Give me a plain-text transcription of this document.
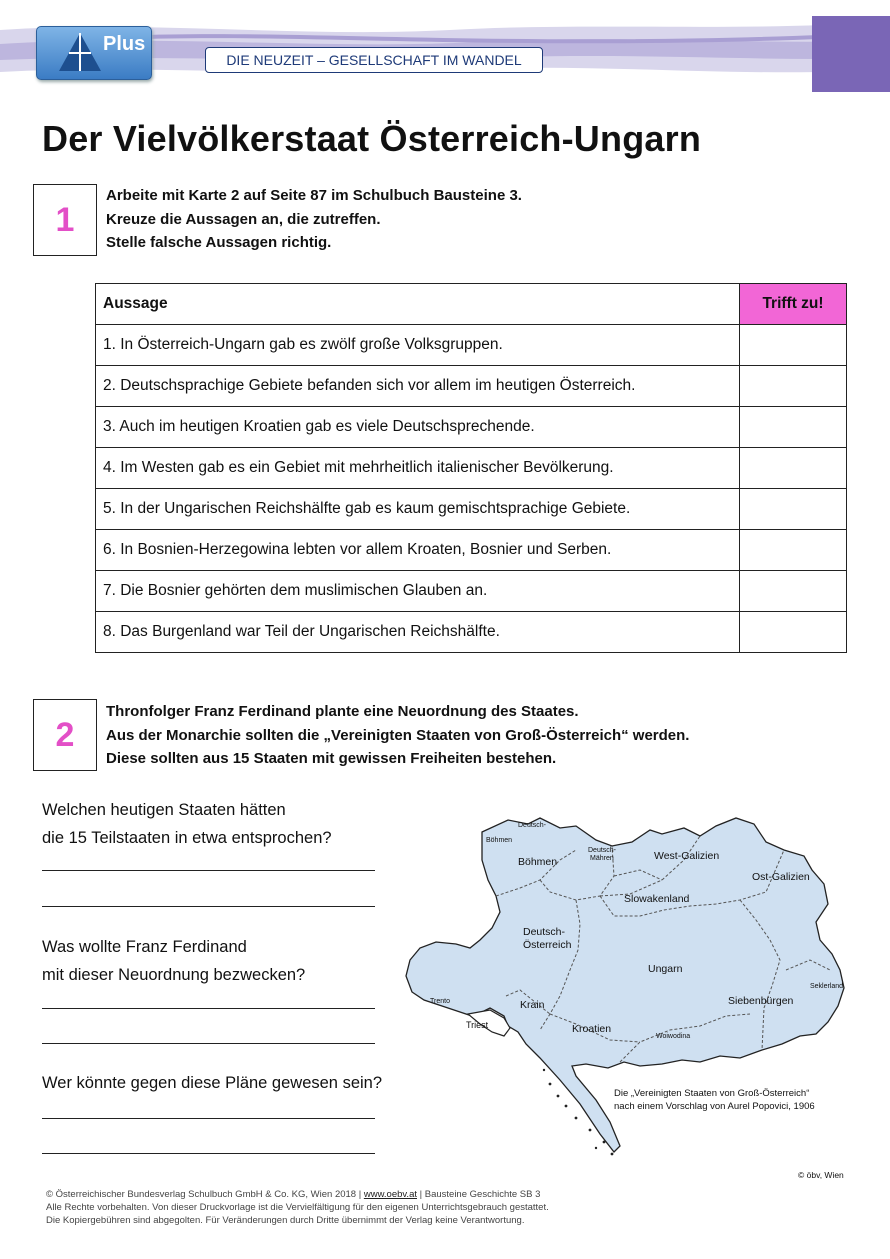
Plus
DIE NEUZEIT – GESELLSCHAFT IM WANDEL
Der Vielvölkerstaat Österreich-Ungarn
1
Arbeite mit Karte 2 auf Seite 87 im Schulbuch Bausteine 3.
Kreuze die Aussagen an, die zutreffen.
Stelle falsche Aussagen richtig.
Aussage	Trifft zu!
1. In Österreich-Ungarn gab es zwölf große Volksgruppen.	
2. Deutschsprachige Gebiete befanden sich vor allem im heutigen Österreich.	
3. Auch im heutigen Kroatien gab es viele Deutschsprechende.	
4. Im Westen gab es ein Gebiet mit mehrheitlich italienischer Bevölkerung.	
5. In der Ungarischen Reichshälfte gab es kaum gemischtsprachige Gebiete.	
6. In Bosnien-Herzegowina lebten vor allem Kroaten, Bosnier und Serben.	
7. Die Bosnier gehörten dem muslimischen Glauben an.	
8. Das Burgenland war Teil der Ungarischen Reichshälfte.	
2
Thronfolger Franz Ferdinand plante eine Neuordnung des Staates.
Aus der Monarchie sollten die „Vereinigten Staaten von Groß-Österreich“ werden.
Diese sollten aus 15 Staaten mit gewissen Freiheiten bestehen.
Welchen heutigen Staaten hätten
die 15 Teilstaaten in etwa entsprochen?
Was wollte Franz Ferdinand
mit dieser Neuordnung bezwecken?
Wer könnte gegen diese Pläne gewesen sein?
Deutsch-
Böhmen
Böhmen
Deutsch-
Mähren	West-Galizien
Ost-Galizien
Slowakenland
Deutsch-
Österreich
Ungarn
Siebenbürgen
Seklerland
Trento	Krain
Triest
Woiwodina
Kroatien
Die „Vereinigten Staaten von Groß-Österreich“
nach einem Vorschlag von Aurel Popovici, 1906
© öbv, Wien
© Österreichischer Bundesverlag Schulbuch GmbH & Co. KG, Wien 2018 | www.oebv.at | Bausteine Geschichte SB 3
Alle Rechte vorbehalten. Von dieser Druckvorlage ist die Vervielfältigung für den eigenen Unterrichtsgebrauch gestattet.
Die Kopiergebühren sind abgegolten. Für Veränderungen durch Dritte übernimmt der Verlag keine Verantwortung.
